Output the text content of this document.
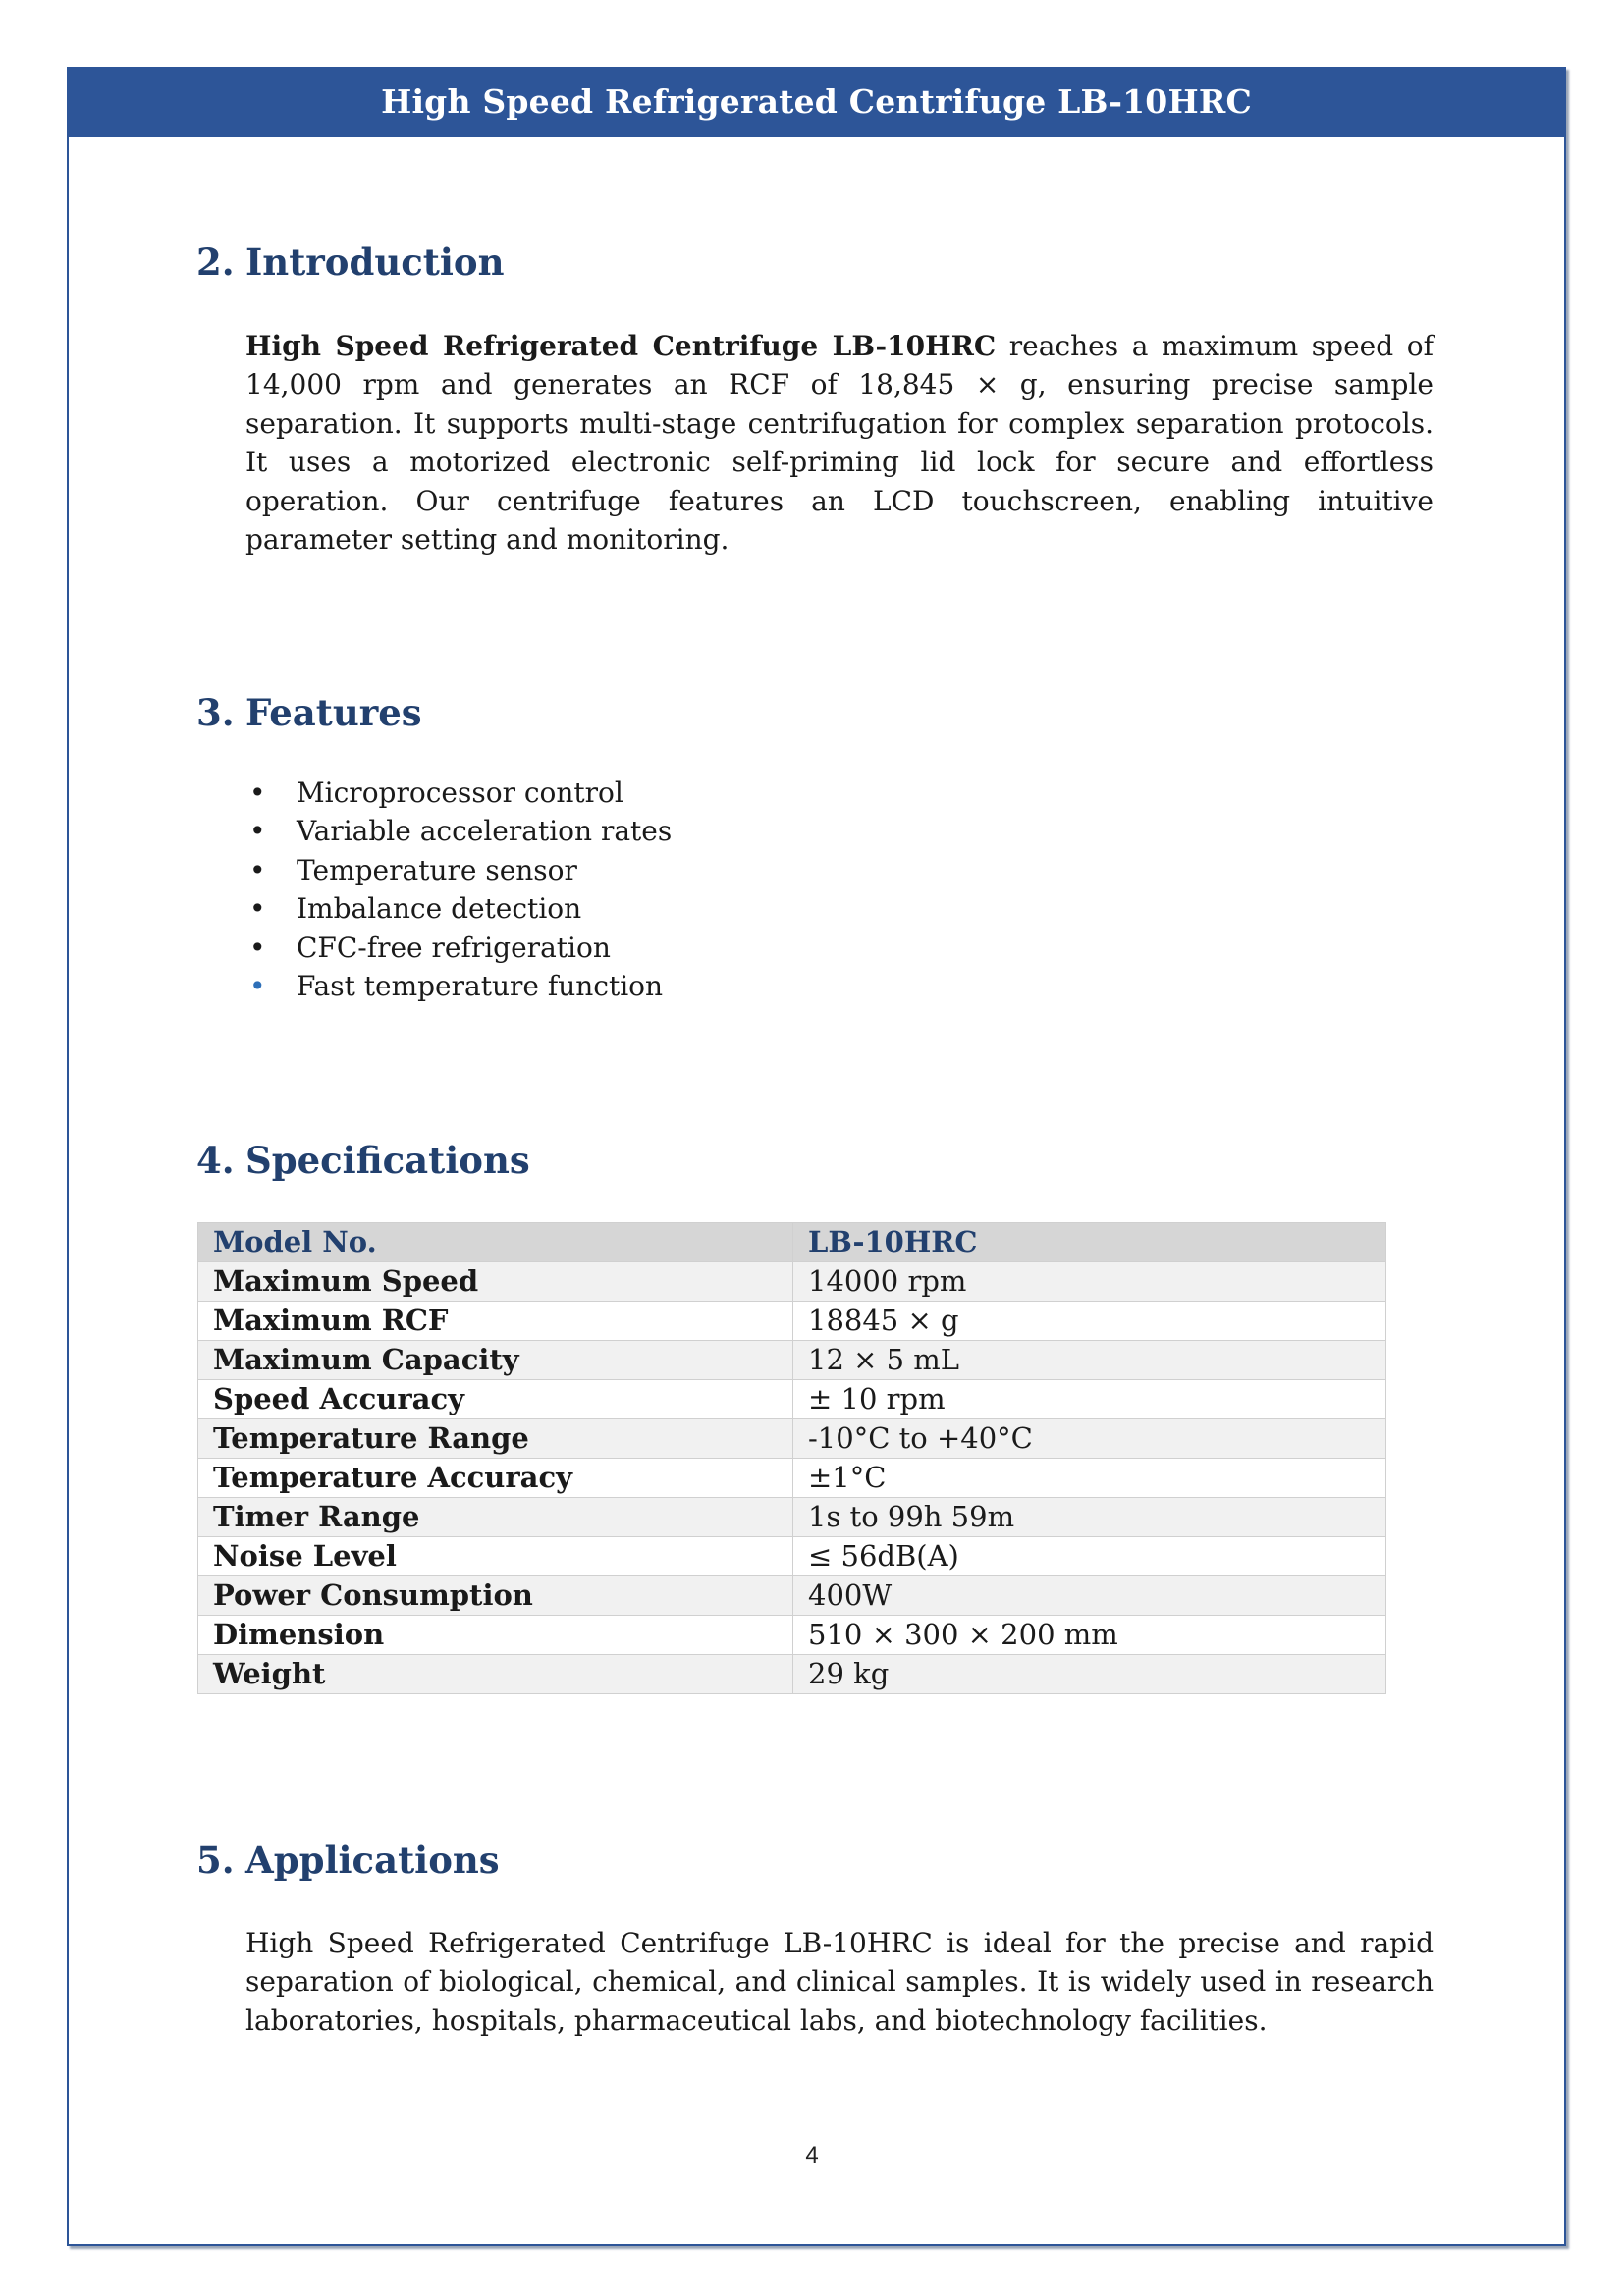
High Speed Refrigerated Centrifuge LB-10HRC
2. Introduction
High Speed Refrigerated Centrifuge LB-10HRC reaches a maximum speed of 14,000 rpm and generates an RCF of 18,845 × g, ensuring precise sample separation. It supports multi-stage centrifugation for complex separation protocols. It uses a motorized electronic self-priming lid lock for secure and effortless operation. Our centrifuge features an LCD touchscreen, enabling intuitive parameter setting and monitoring.
3. Features
• Microprocessor control
• Variable acceleration rates
• Temperature sensor
• Imbalance detection
• CFC-free refrigeration
• Fast temperature function
4. Specifications
Model No.	LB-10HRC
Maximum Speed	14000 rpm
Maximum RCF	18845 × g
Maximum Capacity	12 × 5 mL
Speed Accuracy	± 10 rpm
Temperature Range	-10°C to +40°C
Temperature Accuracy	±1°C
Timer Range	1s to 99h 59m
Noise Level	≤ 56dB(A)
Power Consumption	400W
Dimension	510 × 300 × 200 mm
Weight	29 kg
5. Applications
High Speed Refrigerated Centrifuge LB-10HRC is ideal for the precise and rapid separation of biological, chemical, and clinical samples. It is widely used in research laboratories, hospitals, pharmaceutical labs, and biotechnology facilities.
4
